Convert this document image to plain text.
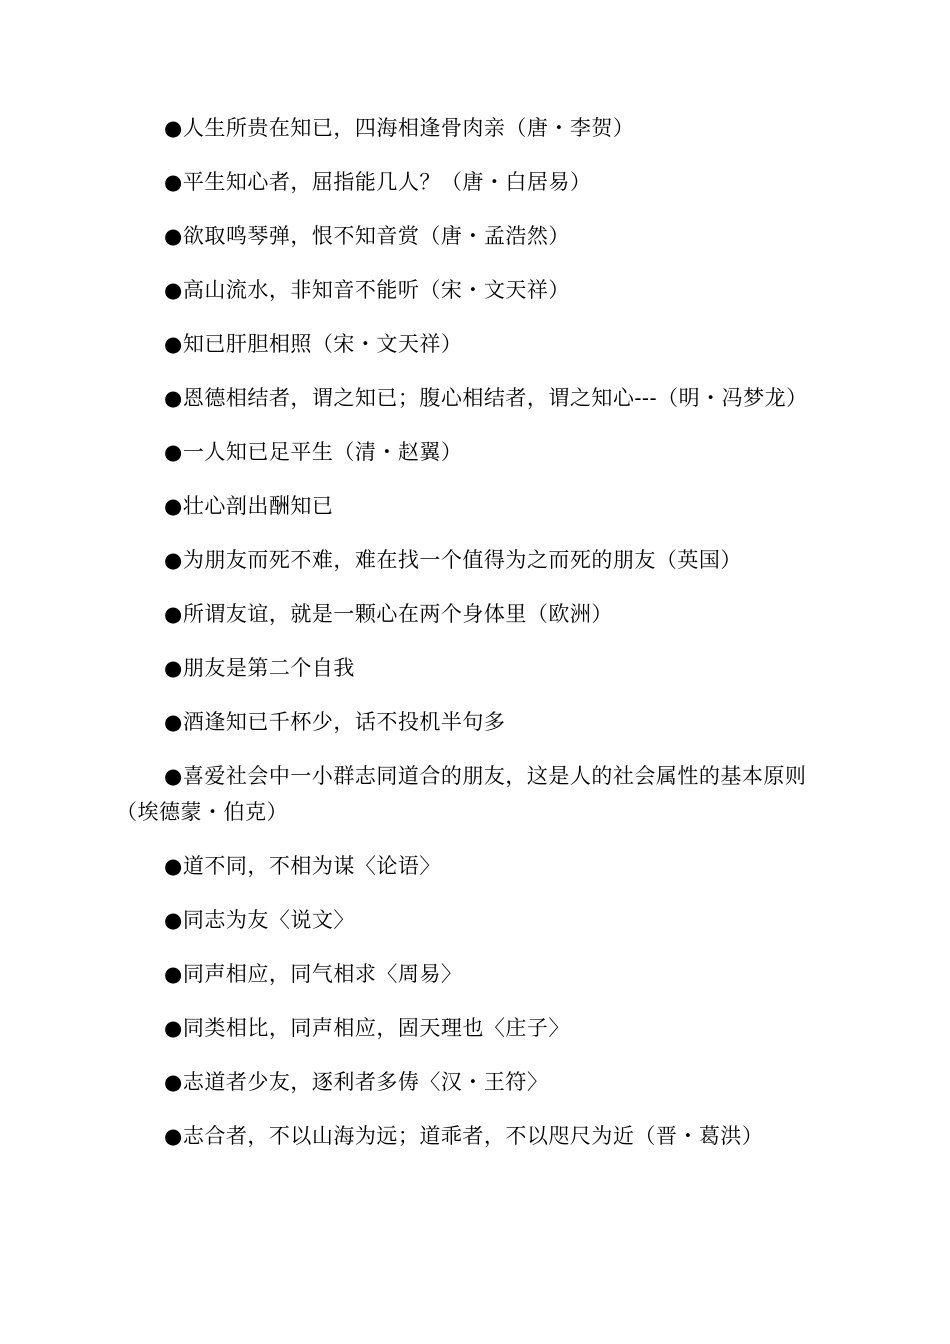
●人生所贵在知已，四海相逢骨肉亲（唐・李贺）
●平生知心者，屈指能几人？（唐・白居易）
●欲取鸣琴弹，恨不知音赏（唐・孟浩然）
●高山流水，非知音不能听（宋・文天祥）
●知已肝胆相照（宋・文天祥）
●恩德相结者，谓之知已；腹心相结者，谓之知心---（明・冯梦龙）
●一人知已足平生（清・赵翼）
●壮心剖出酬知已
●为朋友而死不难，难在找一个值得为之而死的朋友（英国）
●所谓友谊，就是一颗心在两个身体里（欧洲）
●朋友是第二个自我
●酒逢知已千杯少，话不投机半句多
●喜爱社会中一小群志同道合的朋友，这是人的社会属性的基本原则（埃德蒙・伯克）
●道不同，不相为谋〈论语〉
●同志为友〈说文〉
●同声相应，同气相求〈周易〉
●同类相比，同声相应，固天理也〈庄子〉
●志道者少友，逐利者多俦〈汉・王符〉
●志合者，不以山海为远；道乖者，不以咫尺为近（晋・葛洪）
